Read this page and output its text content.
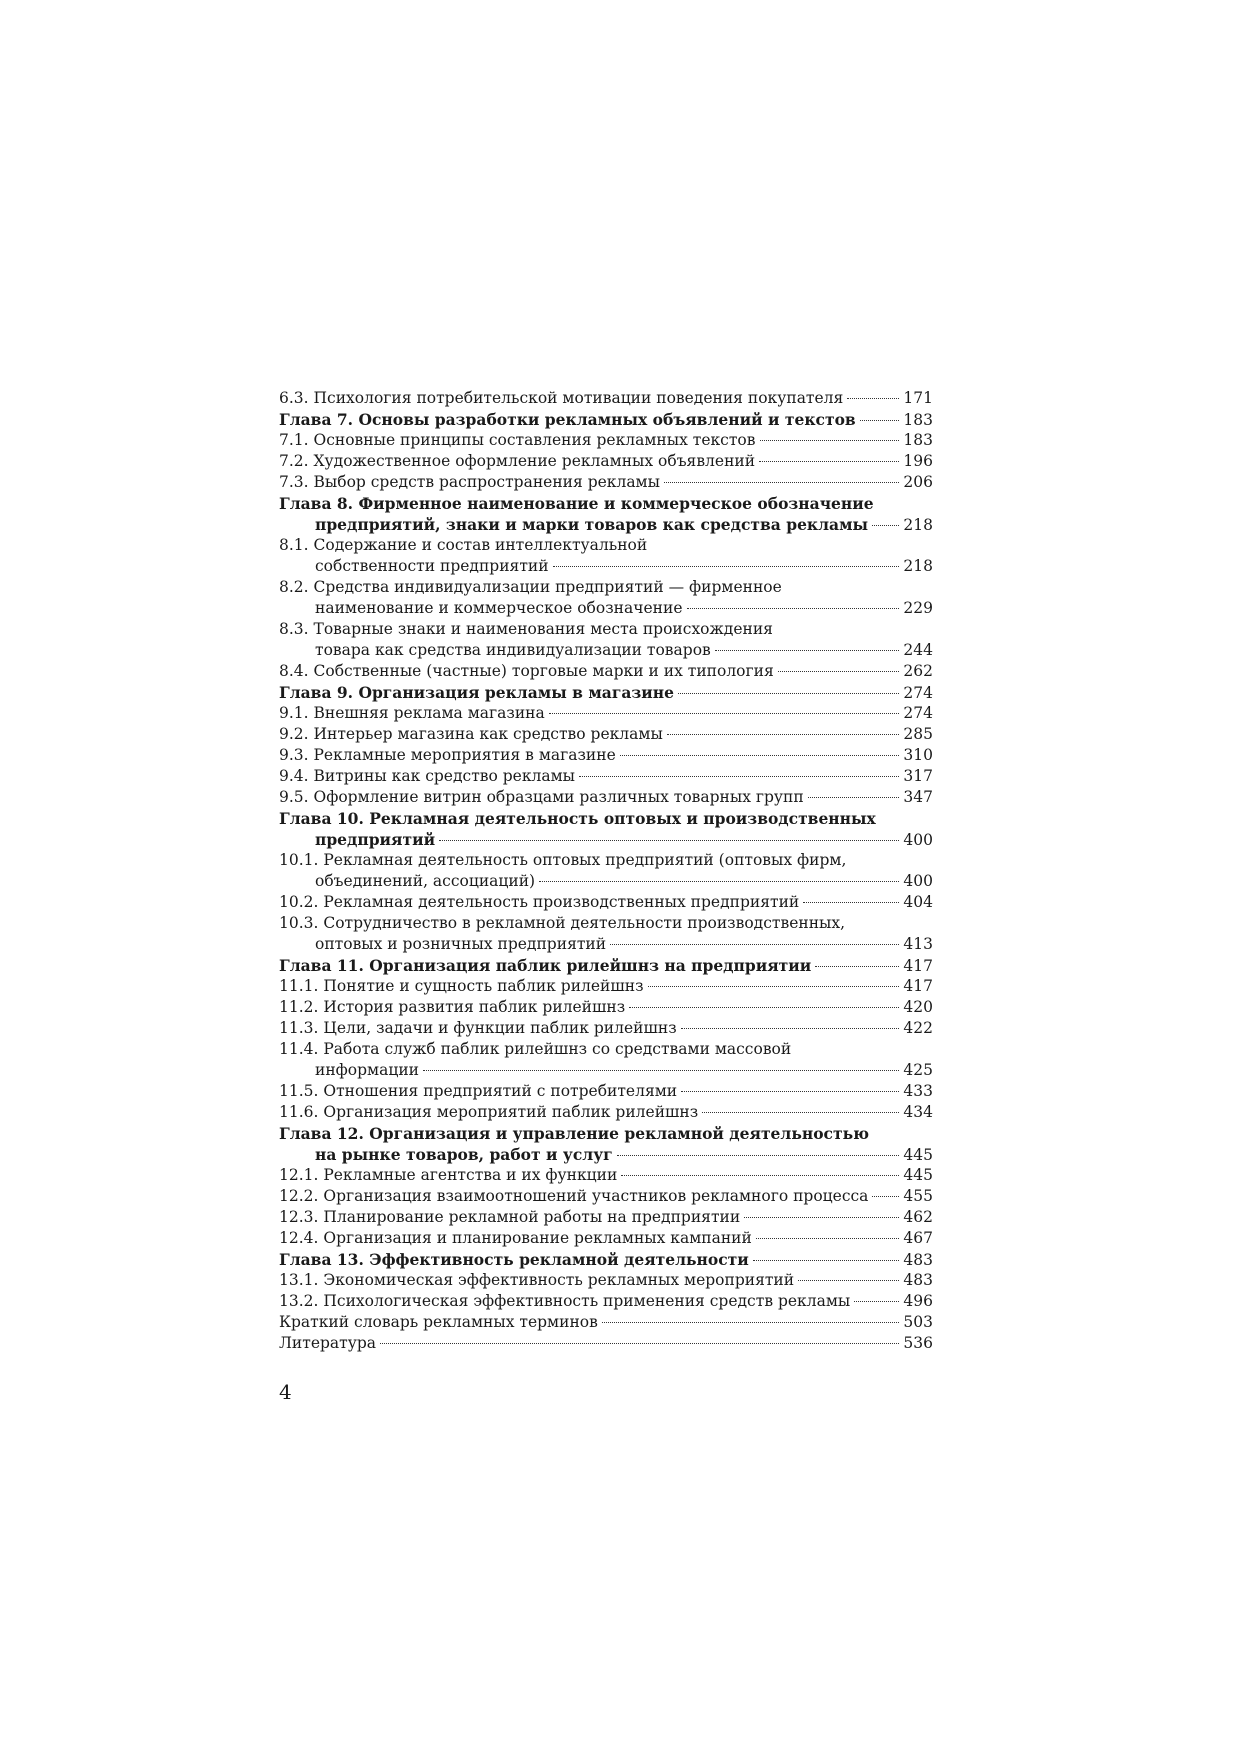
6.3. Психология потребительской мотивации поведения покупателя	171
Глава 7. Основы разработки рекламных объявлений и текстов	183
7.1. Основные принципы составления рекламных текстов	183
7.2. Художественное оформление рекламных объявлений	196
7.3. Выбор средств распространения рекламы	206
Глава 8. Фирменное наименование и коммерческое обозначение
предприятий, знаки и марки товаров как средства рекламы 218
8.1. Содержание и состав интеллектуальной
собственности предприятий	218
8.2. Средства индивидуализации предприятий — фирменное
наименование и коммерческое обозначение	229
8.3. Товарные знаки и наименования места происхождения
товара как средства индивидуализации товаров	244
8.4. Собственные (частные) торговые марки и их типология	262
Глава 9. Организация рекламы в магазине	274
9.1. Внешняя реклама магазина	274
9.2. Интерьер магазина как средство рекламы	285
9.3. Рекламные мероприятия в магазине	310
9.4. Витрины как средство рекламы	317
9.5. Оформление витрин образцами различных товарных групп	347
Глава 10. Рекламная деятельность оптовых и производственных
предприятий	400
10.1. Рекламная деятельность оптовых предприятий (оптовых фирм,
объединений, ассоциаций)	400
10.2. Рекламная деятельность производственных предприятий	404
10.3. Сотрудничество в рекламной деятельности производственных,
оптовых и розничных предприятий	413
Глава 11. Организация паблик рилейшнз на предприятии	417
11.1. Понятие и сущность паблик рилейшнз	417
11.2. История развития паблик рилейшнз	420
11.3. Цели, задачи и функции паблик рилейшнз	422
11.4. Работа служб паблик рилейшнз со средствами массовой
информации	425
11.5. Отношения предприятий с потребителями	433
11.6. Организация мероприятий паблик рилейшнз	434
Глава 12. Организация и управление рекламной деятельностью
на рынке товаров, работ и услуг	445
12.1. Рекламные агентства и их функции	445
12.2. Организация взаимоотношений участников рекламного процесса 455
12.3. Планирование рекламной работы на предприятии	462
12.4. Организация и планирование рекламных кампаний	467
Глава 13. Эффективность рекламной деятельности	483
13.1. Экономическая эффективность рекламных мероприятий	483
13.2. Психологическая эффективность применения средств рекламы	496
Краткий словарь рекламных терминов	503
Литература	536
4
